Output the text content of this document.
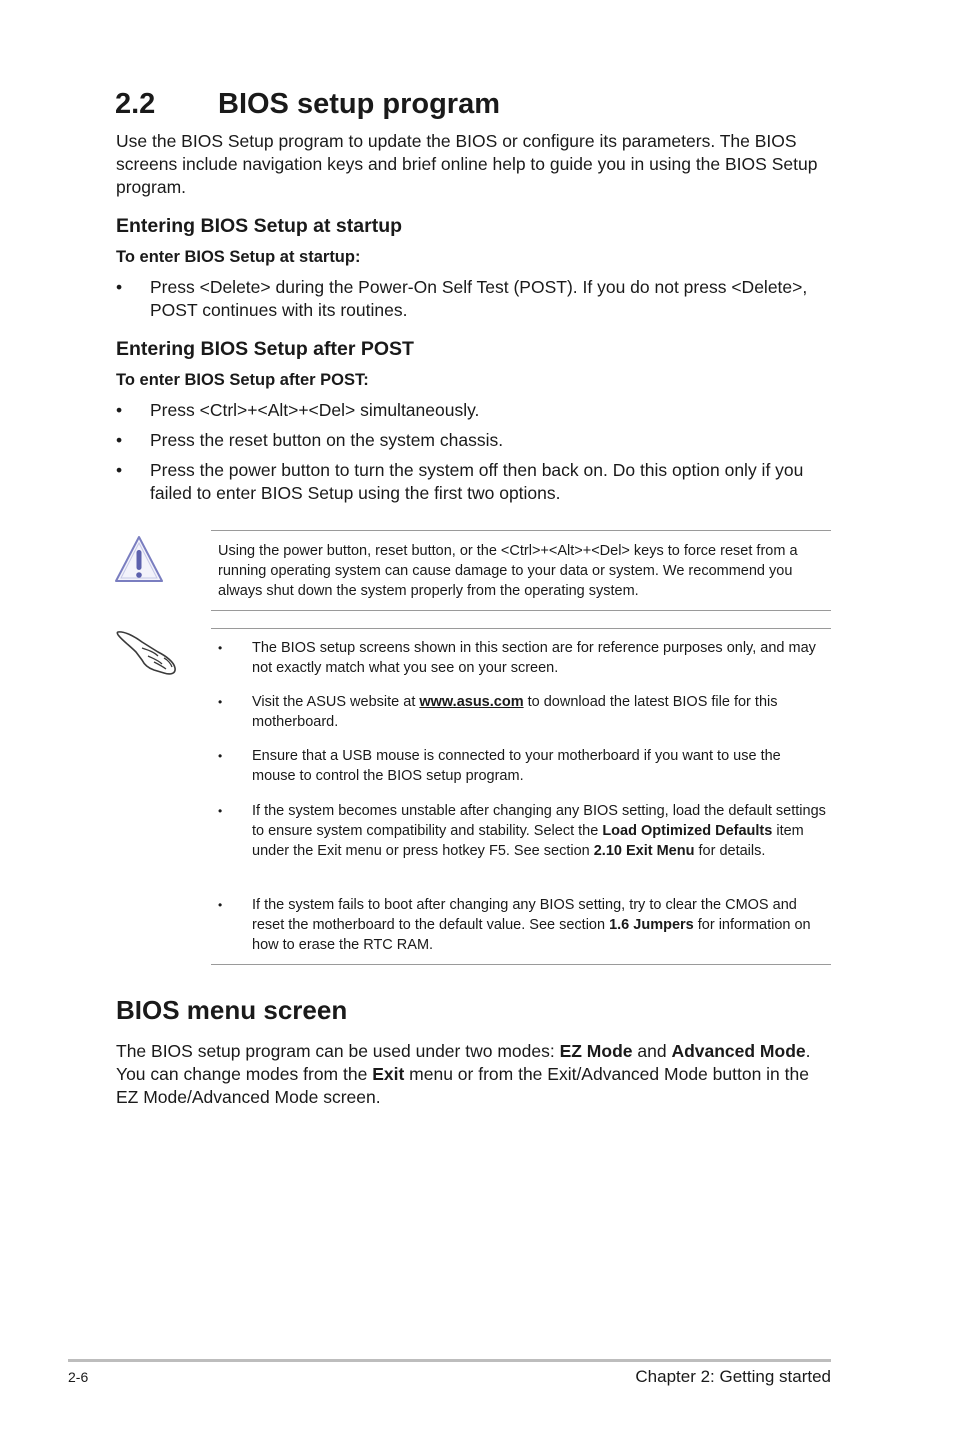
2.2 BIOS setup program

Use the BIOS Setup program to update the BIOS or configure its parameters. The BIOS screens include navigation keys and brief online help to guide you in using the BIOS Setup program.

Entering BIOS Setup at startup
To enter BIOS Setup at startup:
• Press <Delete> during the Power-On Self Test (POST). If you do not press <Delete>, POST continues with its routines.
Entering BIOS Setup after POST
To enter BIOS Setup after POST:
• Press <Ctrl>+<Alt>+<Del> simultaneously.
• Press the reset button on the system chassis.
• Press the power button to turn the system off then back on. Do this option only if you failed to enter BIOS Setup using the first two options.
Using the power button, reset button, or the <Ctrl>+<Alt>+<Del> keys to force reset from a running operating system can cause damage to your data or system. We recommend you always shut down the system properly from the operating system.
• The BIOS setup screens shown in this section are for reference purposes only, and may not exactly match what you see on your screen.
• Visit the ASUS website at www.asus.com to download the latest BIOS file for this motherboard.
• Ensure that a USB mouse is connected to your motherboard if you want to use the mouse to control the BIOS setup program.
• If the system becomes unstable after changing any BIOS setting, load the default settings to ensure system compatibility and stability. Select the Load Optimized Defaults item under the Exit menu or press hotkey F5. See section 2.10 Exit Menu for details.
• If the system fails to boot after changing any BIOS setting, try to clear the CMOS and reset the motherboard to the default value. See section 1.6 Jumpers for information on how to erase the RTC RAM.
BIOS menu screen

The BIOS setup program can be used under two modes: EZ Mode and Advanced Mode. You can change modes from the Exit menu or from the Exit/Advanced Mode button in the EZ Mode/Advanced Mode screen.

2-6	Chapter 2: Getting started
